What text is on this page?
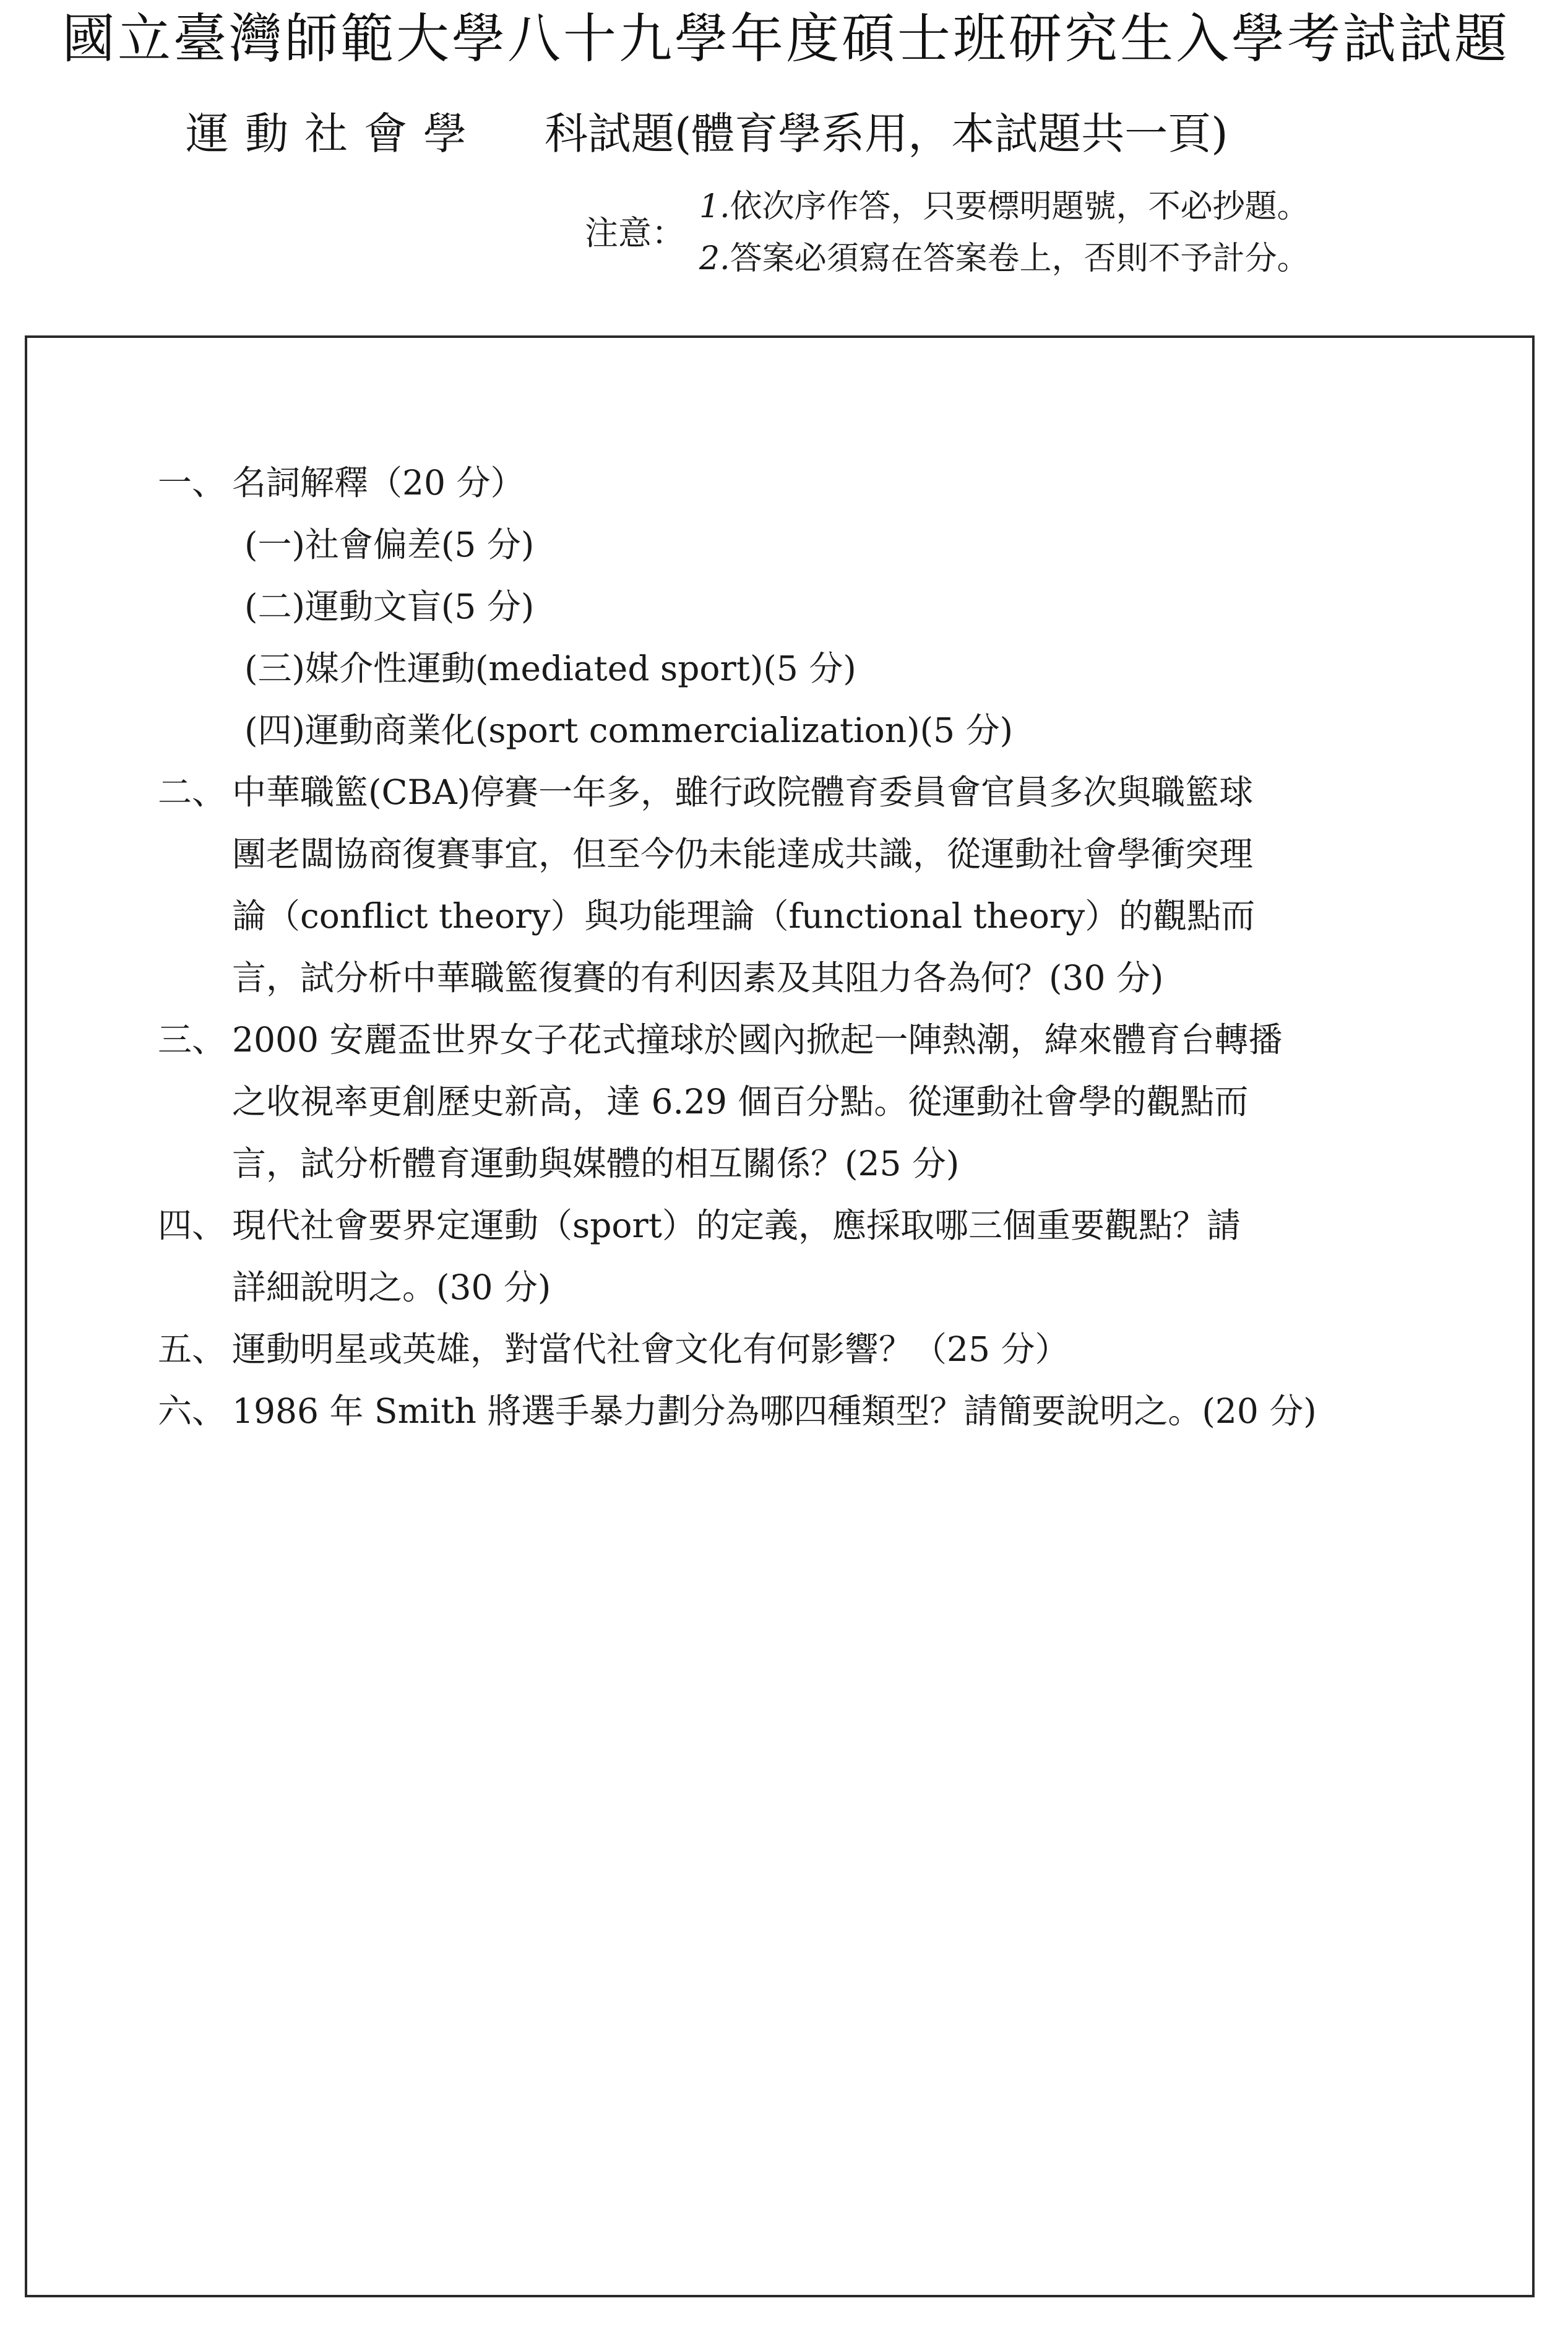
國立臺灣師範大學八十九學年度碩士班研究生入學考試試題
運動社會學 科試題(體育學系用，本試題共一頁)
注意：
1.依次序作答，只要標明題號，不必抄題。
2.答案必須寫在答案卷上，否則不予計分。
一、 名詞解釋（20 分）
(一)社會偏差(5 分)
(二)運動文盲(5 分)
(三)媒介性運動(mediated sport)(5 分)
(四)運動商業化(sport commercialization)(5 分)
二、 中華職籃(CBA)停賽一年多，雖行政院體育委員會官員多次與職籃球
團老闆協商復賽事宜，但至今仍未能達成共識，從運動社會學衝突理
論（conflict theory）與功能理論（functional theory）的觀點而
言，試分析中華職籃復賽的有利因素及其阻力各為何？(30 分)
三、 2000 安麗盃世界女子花式撞球於國內掀起一陣熱潮，緯來體育台轉播
之收視率更創歷史新高，達 6.29 個百分點。從運動社會學的觀點而
言，試分析體育運動與媒體的相互關係？(25 分)
四、 現代社會要界定運動（sport）的定義，應採取哪三個重要觀點？請
詳細說明之。(30 分)
五、 運動明星或英雄，對當代社會文化有何影響？（25 分）
六、 1986 年 Smith 將選手暴力劃分為哪四種類型？請簡要說明之。(20 分)
